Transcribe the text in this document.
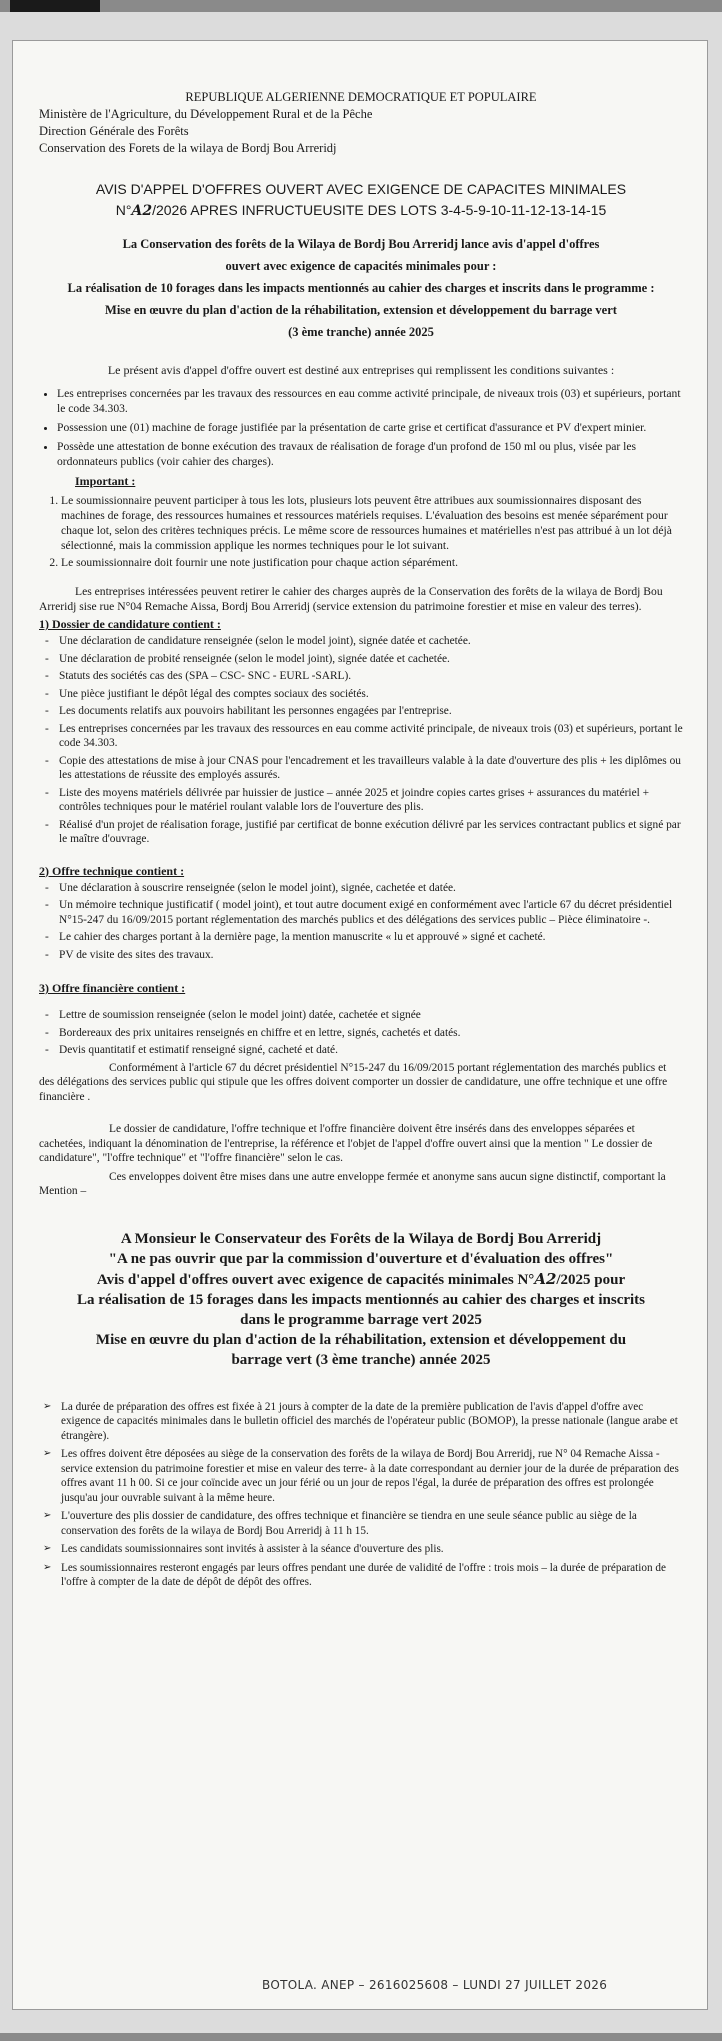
REPUBLIQUE ALGERIENNE DEMOCRATIQUE ET POPULAIRE
Ministère de l'Agriculture, du Développement Rural et de la Pêche
Direction Générale des Forêts
Conservation des Forets de la wilaya de Bordj Bou Arreridj
AVIS D'APPEL D'OFFRES OUVERT AVEC EXIGENCE DE CAPACITES MINIMALES
N°A2/2026 APRES INFRUCTUEUSITE DES LOTS 3-4-5-9-10-11-12-13-14-15
La Conservation des forêts de la Wilaya de Bordj Bou Arreridj lance avis d'appel d'offres
ouvert avec exigence de capacités minimales pour :
La réalisation de 10 forages dans les impacts mentionnés au cahier des charges et inscrits dans le programme :
Mise en œuvre du plan d'action de la réhabilitation, extension et développement du barrage vert
(3 ème tranche) année 2025
Le présent avis d'appel d'offre ouvert est destiné aux entreprises qui remplissent les conditions suivantes :
• Les entreprises concernées par les travaux des ressources en eau comme activité principale, de niveaux trois (03) et supérieurs, portant le code 34.303.
• Possession une (01) machine de forage justifiée par la présentation de carte grise et certificat d'assurance et PV d'expert minier.
• Possède une attestation de bonne exécution des travaux de réalisation de forage d'un profond de 150 ml ou plus, visée par les ordonnateurs publics (voir cahier des charges).
Important :
1. Le soumissionnaire peuvent participer à tous les lots, plusieurs lots peuvent être attribues aux soumissionnaires disposant des machines de forage, des ressources humaines et ressources matériels requises. L'évaluation des besoins est menée séparément pour chaque lot, selon des critères techniques précis. Le même score de ressources humaines et matérielles n'est pas attribué à un lot déjà sélectionné, mais la commission applique les normes techniques pour le lot suivant.
2. Le soumissionnaire doit fournir une note justification pour chaque action séparément.
Les entreprises intéressées peuvent retirer le cahier des charges auprès de la Conservation des forêts de la wilaya de Bordj Bou Arreridj sise rue N°04 Remache Aissa, Bordj Bou Arreridj (service extension du patrimoine forestier et mise en valeur des terres).
1) Dossier de candidature contient :
- Une déclaration de candidature renseignée (selon le model joint), signée datée et cachetée.
- Une déclaration de probité renseignée (selon le model joint), signée datée et cachetée.
- Statuts des sociétés cas des (SPA – CSC- SNC - EURL -SARL).
- Une pièce justifiant le dépôt légal des comptes sociaux des sociétés.
- Les documents relatifs aux pouvoirs habilitant les personnes engagées par l'entreprise.
- Les entreprises concernées par les travaux des ressources en eau comme activité principale, de niveaux trois (03) et supérieurs, portant le code 34.303.
- Copie des attestations de mise à jour CNAS pour l'encadrement et les travailleurs valable à la date d'ouverture des plis + les diplômes ou les attestations de réussite des employés assurés.
- Liste des moyens matériels délivrée par huissier de justice – année 2025 et joindre copies cartes grises + assurances du matériel + contrôles techniques pour le matériel roulant valable lors de l'ouverture des plis.
- Réalisé d'un projet de réalisation forage, justifié par certificat de bonne exécution délivré par les services contractant publics et signé par le maître d'ouvrage.
2) Offre technique contient :
- Une déclaration à souscrire renseignée (selon le model joint), signée, cachetée et datée.
- Un mémoire technique justificatif ( model joint), et tout autre document exigé en conformément avec l'article 67 du décret présidentiel N°15-247 du 16/09/2015 portant réglementation des marchés publics et des délégations des services public – Pièce éliminatoire -.
- Le cahier des charges portant à la dernière page, la mention manuscrite « lu et approuvé » signé et cacheté.
- PV de visite des sites des travaux.
3) Offre financière contient :
- Lettre de soumission renseignée (selon le model joint) datée, cachetée et signée
- Bordereaux des prix unitaires renseignés en chiffre et en lettre, signés, cachetés et datés.
- Devis quantitatif et estimatif renseigné signé, cacheté et daté.
Conformément à l'article 67 du décret présidentiel N°15-247 du 16/09/2015 portant réglementation des marchés publics et des délégations des services public qui stipule que les offres doivent comporter un dossier de candidature, une offre technique et une offre financière .
Le dossier de candidature, l'offre technique et l'offre financière doivent être insérés dans des enveloppes séparées et cachetées, indiquant la dénomination de l'entreprise, la référence et l'objet de l'appel d'offre ouvert ainsi que la mention " Le dossier de candidature", "l'offre technique" et "l'offre financière" selon le cas.
Ces enveloppes doivent être mises dans une autre enveloppe fermée et anonyme sans aucun signe distinctif, comportant la Mention –
A Monsieur le Conservateur des Forêts de la Wilaya de Bordj Bou Arreridj
"A ne pas ouvrir que par la commission d'ouverture et d'évaluation des offres"
Avis d'appel d'offres ouvert avec exigence de capacités minimales N°A2/2025 pour
La réalisation de 15 forages dans les impacts mentionnés au cahier des charges et inscrits
dans le programme barrage vert 2025
Mise en œuvre du plan d'action de la réhabilitation, extension et développement du
barrage vert (3 ème tranche) année 2025
➢ La durée de préparation des offres est fixée à 21 jours à compter de la date de la première publication de l'avis d'appel d'offre avec exigence de capacités minimales dans le bulletin officiel des marchés de l'opérateur public (BOMOP), la presse nationale (langue arabe et étrangère).
➢ Les offres doivent être déposées au siège de la conservation des forêts de la wilaya de Bordj Bou Arreridj, rue N° 04 Remache Aissa - service extension du patrimoine forestier et mise en valeur des terre- à la date correspondant au dernier jour de la durée de préparation des offres avant 11 h 00. Si ce jour coïncide avec un jour férié ou un jour de repos l'égal, la durée de préparation des offres est prolongée jusqu'au jour ouvrable suivant à la même heure.
➢ L'ouverture des plis dossier de candidature, des offres technique et financière se tiendra en une seule séance public au siège de la conservation des forêts de la wilaya de Bordj Bou Arreridj à 11 h 15.
➢ Les candidats soumissionnaires sont invités à assister à la séance d'ouverture des plis.
➢ Les soumissionnaires resteront engagés par leurs offres pendant une durée de validité de l'offre : trois mois – la durée de préparation de l'offre à compter de la date de dépôt de dépôt des offres.
BOTOLA. ANEP – 2616025608 – LUNDI 27 JUILLET 2026
